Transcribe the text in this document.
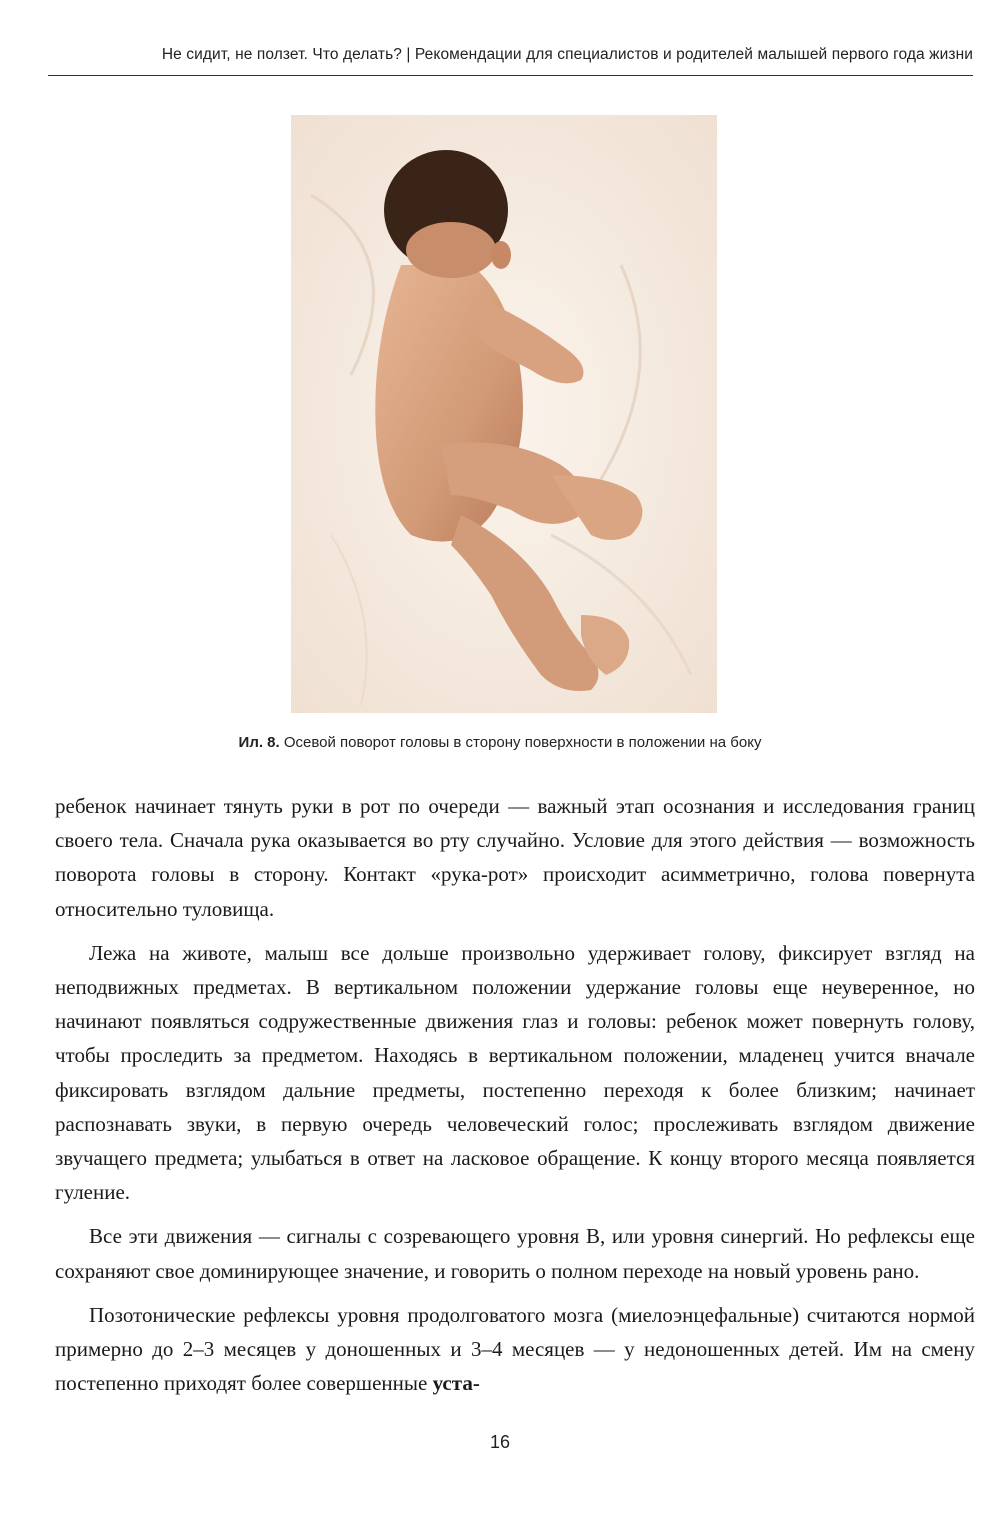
Не сидит, не ползет. Что делать? | Рекомендации для специалистов и родителей малышей первого года жизни
Ил. 8. Осевой поворот головы в сторону поверхности в положении на боку

ребенок начинает тянуть руки в рот по очереди — важный этап осознания и исследования границ своего тела. Сначала рука оказывается во рту случайно. Условие для этого действия — возможность поворота головы в сторону. Контакт «рука-рот» происходит асимметрично, голова повернута относительно туловища.

Лежа на животе, малыш все дольше произвольно удерживает голову, фиксирует взгляд на неподвижных предметах. В вертикальном положении удержание головы еще неуверенное, но начинают появляться содружественные движения глаз и головы: ребенок может повернуть голову, чтобы проследить за предметом. Находясь в вертикальном положении, младенец учится вначале фиксировать взглядом дальние предметы, постепенно переходя к более близким; начинает распознавать звуки, в первую очередь человеческий голос; прослеживать взглядом движение звучащего предмета; улыбаться в ответ на ласковое обращение. К концу второго месяца появляется гуление.

Все эти движения — сигналы с созревающего уровня B, или уровня синергий. Но рефлексы еще сохраняют свое доминирующее значение, и говорить о полном переходе на новый уровень рано.

Позотонические рефлексы уровня продолговатого мозга (миелоэнцефальные) считаются нормой примерно до 2–3 месяцев у доношенных и 3–4 месяцев — у недоношенных детей. Им на смену постепенно приходят более совершенные уста-

16
